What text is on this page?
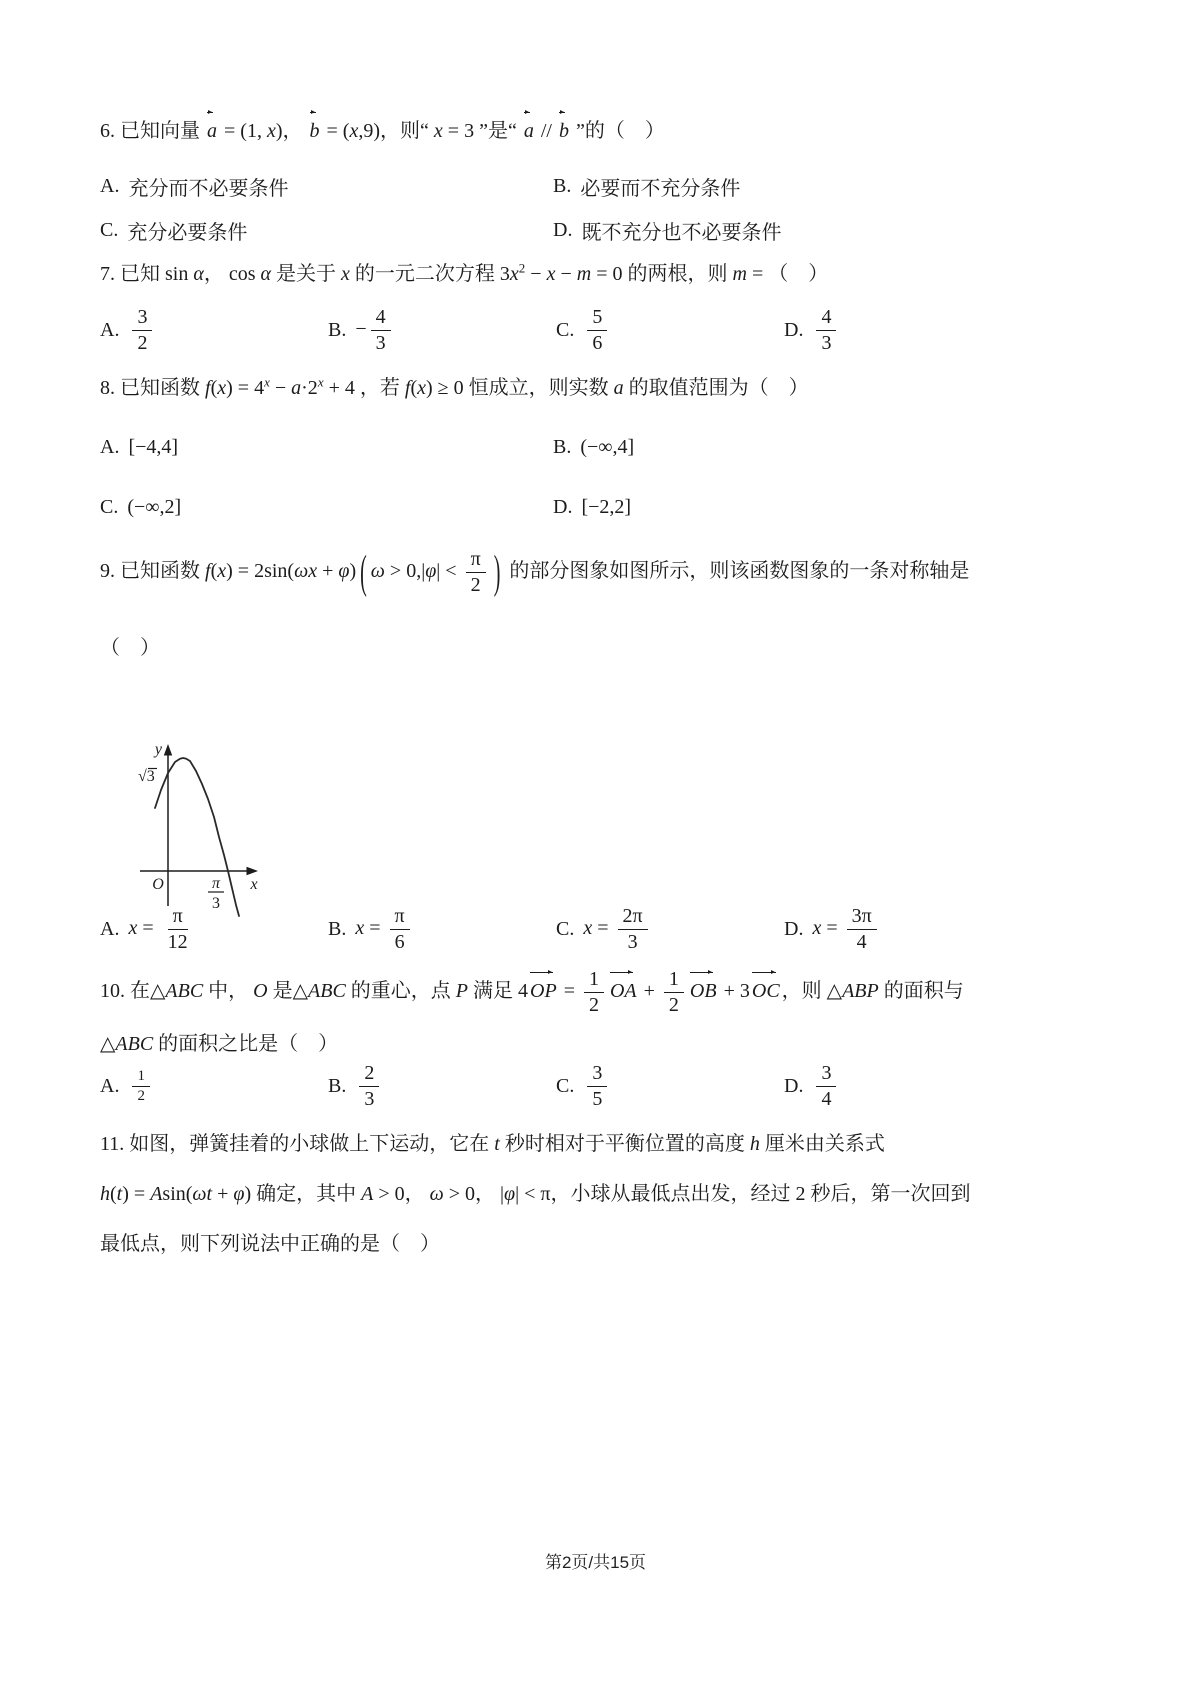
6. 已知向量
a = (1, x)，
b = (x,9)，则“ x = 3 ”是“
a //
b ”的（　）
A. 充分而不必要条件	B. 必要而不充分条件
C. 充分必要条件	D. 既不充分也不必要条件
7. 已知 sin α， cos α 是关于 x 的一元二次方程 $3x^2 - x - m = 0$ 的两根，则 m = （　）
A. $\frac{3}{2}$	B. − $\frac{4}{3}$	C. $\frac{5}{6}$	D. $\frac{4}{3}$
8. 已知函数 $f(x) = 4^x - a\cdot 2^x + 4$ ，若 f(x) ≥ 0 恒成立，则实数 a 的取值范围为（　）
A. [−4,4]	B. (−∞,4]
C. (−∞,2]	D. [−2,2]
9. 已知函数 f(x) = 2sin(ωx + φ) ( $\omega > 0,|\varphi| < \frac{\pi}{2}$ ) 的部分图象如图所示，则该函数图象的一条对称轴是
（　）
y
x
O
√3
π
3
A. $x = \frac{\pi}{12}$	B. $x = \frac{\pi}{6}$	C. $x = \frac{2\pi}{3}$	D. $x = \frac{3\pi}{4}$
10. 在△ABC 中， O 是△ABC 的重心，点 P 满足 4 OP = $\frac{1}{2}$ OA + $\frac{1}{2}$ OB + 3 OC ，则 △ABP 的面积与
△ABC 的面积之比是（　）
A. $\frac{1}{2}$	B. $\frac{2}{3}$	C. $\frac{3}{5}$	D. $\frac{3}{4}$
11. 如图，弹簧挂着的小球做上下运动，它在 t 秒时相对于平衡位置的高度 h 厘米由关系式
h(t) = Asin(ωt + φ) 确定，其中 A > 0， ω > 0， |φ| < π，小球从最低点出发，经过 2 秒后，第一次回到
最低点，则下列说法中正确的是（　）
第2页/共15页
